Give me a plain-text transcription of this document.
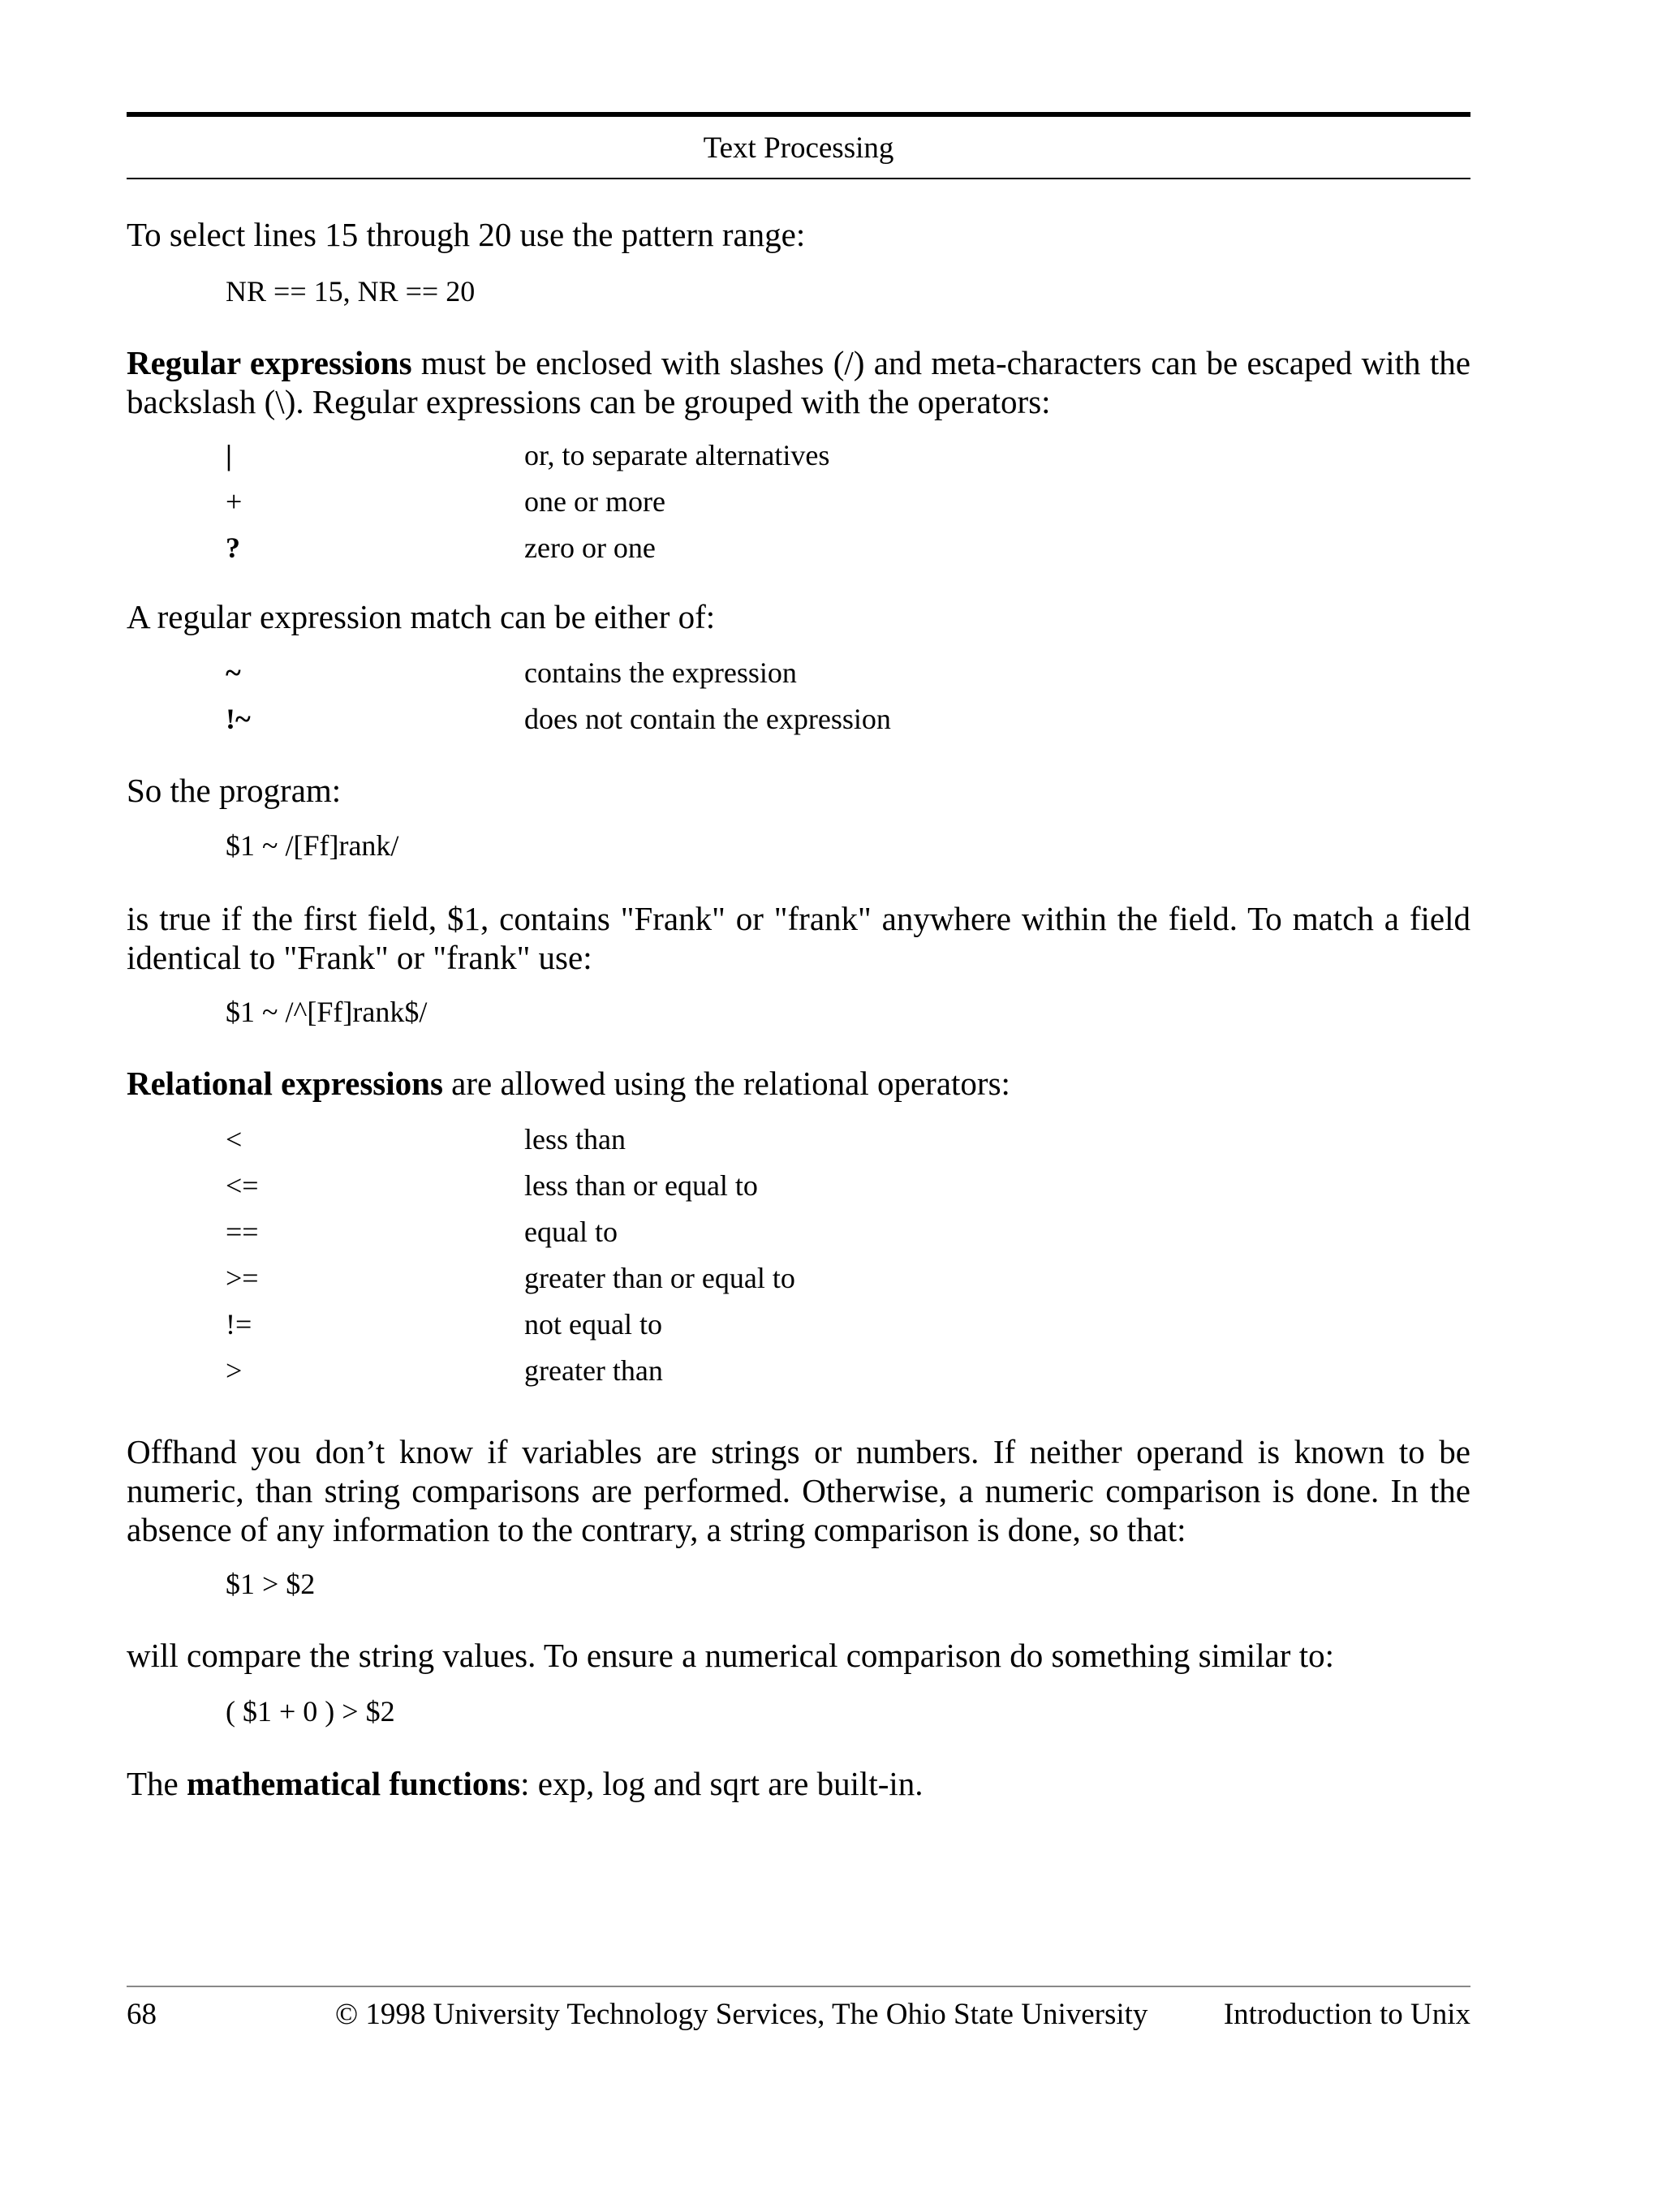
Text Processing
To select lines 15 through 20 use the pattern range:
NR == 15, NR == 20
Regular expressions must be enclosed with slashes (/) and meta-characters can be escaped with the backslash (\). Regular expressions can be grouped with the operators:
|	or, to separate alternatives
+	one or more
?	zero or one
A regular expression match can be either of:
~	contains the expression
!~	does not contain the expression
So the program:
$1 ~ /[Ff]rank/
is true if the first field, $1, contains "Frank" or "frank" anywhere within the field. To match a field identical to "Frank" or "frank" use:
$1 ~ /^[Ff]rank$/
Relational expressions are allowed using the relational operators:
<	less than
<=	less than or equal to
==	equal to
>=	greater than or equal to
!=	not equal to
>	greater than
Offhand you don’t know if variables are strings or numbers. If neither operand is known to be numeric, than string comparisons are performed. Otherwise, a numeric comparison is done. In the absence of any information to the contrary, a string comparison is done, so that:
$1 > $2
will compare the string values. To ensure a numerical comparison do something similar to:
( $1 + 0 ) > $2
The mathematical functions: exp, log and sqrt are built-in.
68	© 1998 University Technology Services, The Ohio State University	Introduction to Unix
